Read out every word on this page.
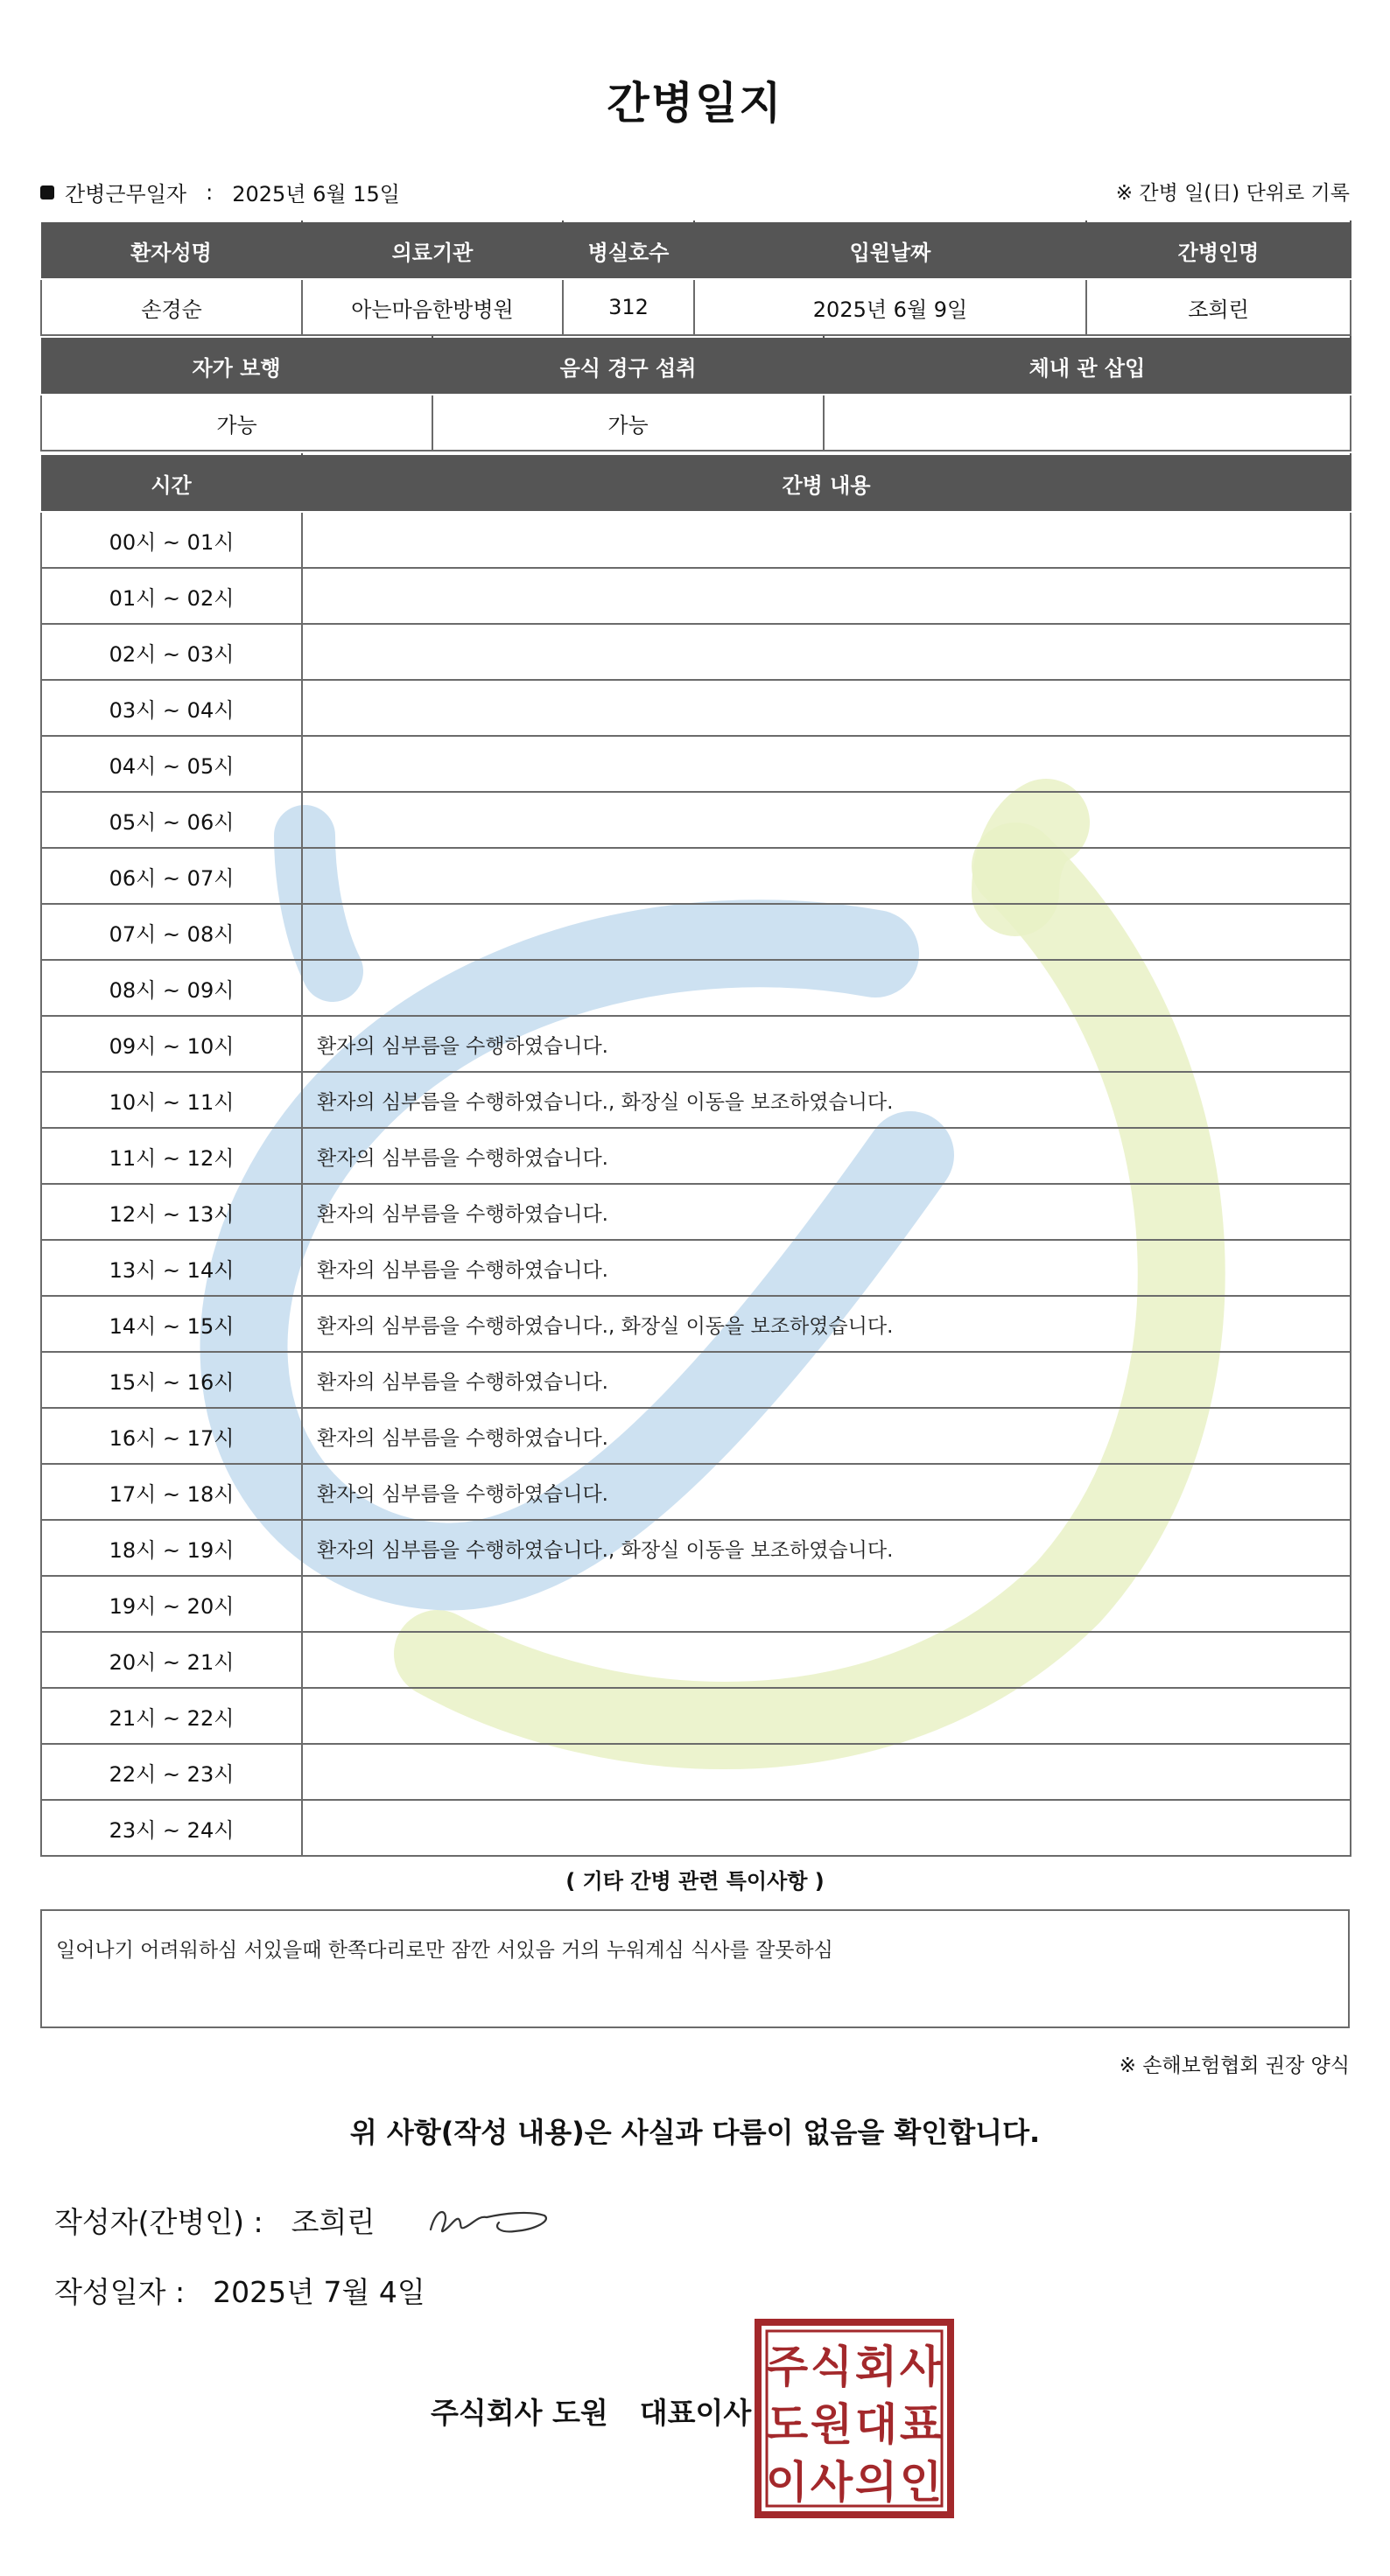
간병일지
간병근무일자 : 2025년 6월 15일	※ 간병 일(日) 단위로 기록
환자성명	의료기관	병실호수	입원날짜	간병인명
손경순	아는마음한방병원	312	2025년 6월 9일	조희린
자가 보행	음식 경구 섭취	체내 관 삽입
가능	가능	
시간	간병 내용
00시 ~ 01시	
01시 ~ 02시	
02시 ~ 03시	
03시 ~ 04시	
04시 ~ 05시	
05시 ~ 06시	
06시 ~ 07시	
07시 ~ 08시	
08시 ~ 09시	
09시 ~ 10시	환자의 심부름을 수행하였습니다.
10시 ~ 11시	환자의 심부름을 수행하였습니다., 화장실 이동을 보조하였습니다.
11시 ~ 12시	환자의 심부름을 수행하였습니다.
12시 ~ 13시	환자의 심부름을 수행하였습니다.
13시 ~ 14시	환자의 심부름을 수행하였습니다.
14시 ~ 15시	환자의 심부름을 수행하였습니다., 화장실 이동을 보조하였습니다.
15시 ~ 16시	환자의 심부름을 수행하였습니다.
16시 ~ 17시	환자의 심부름을 수행하였습니다.
17시 ~ 18시	환자의 심부름을 수행하였습니다.
18시 ~ 19시	환자의 심부름을 수행하였습니다., 화장실 이동을 보조하였습니다.
19시 ~ 20시	
20시 ~ 21시	
21시 ~ 22시	
22시 ~ 23시	
23시 ~ 24시	
( 기타 간병 관련 특이사항 )
일어나기 어려워하심 서있을때 한쪽다리로만 잠깐 서있음 거의 누워계심 식사를 잘못하심
※ 손해보험협회 권장 양식
위 사항(작성 내용)은 사실과 다름이 없음을 확인합니다.
작성자(간병인) : 조희린
작성일자 : 2025년 7월 4일
주식회사 도원 대표이사
주 식 회 사
도 원 대 표
이 사 의 인
